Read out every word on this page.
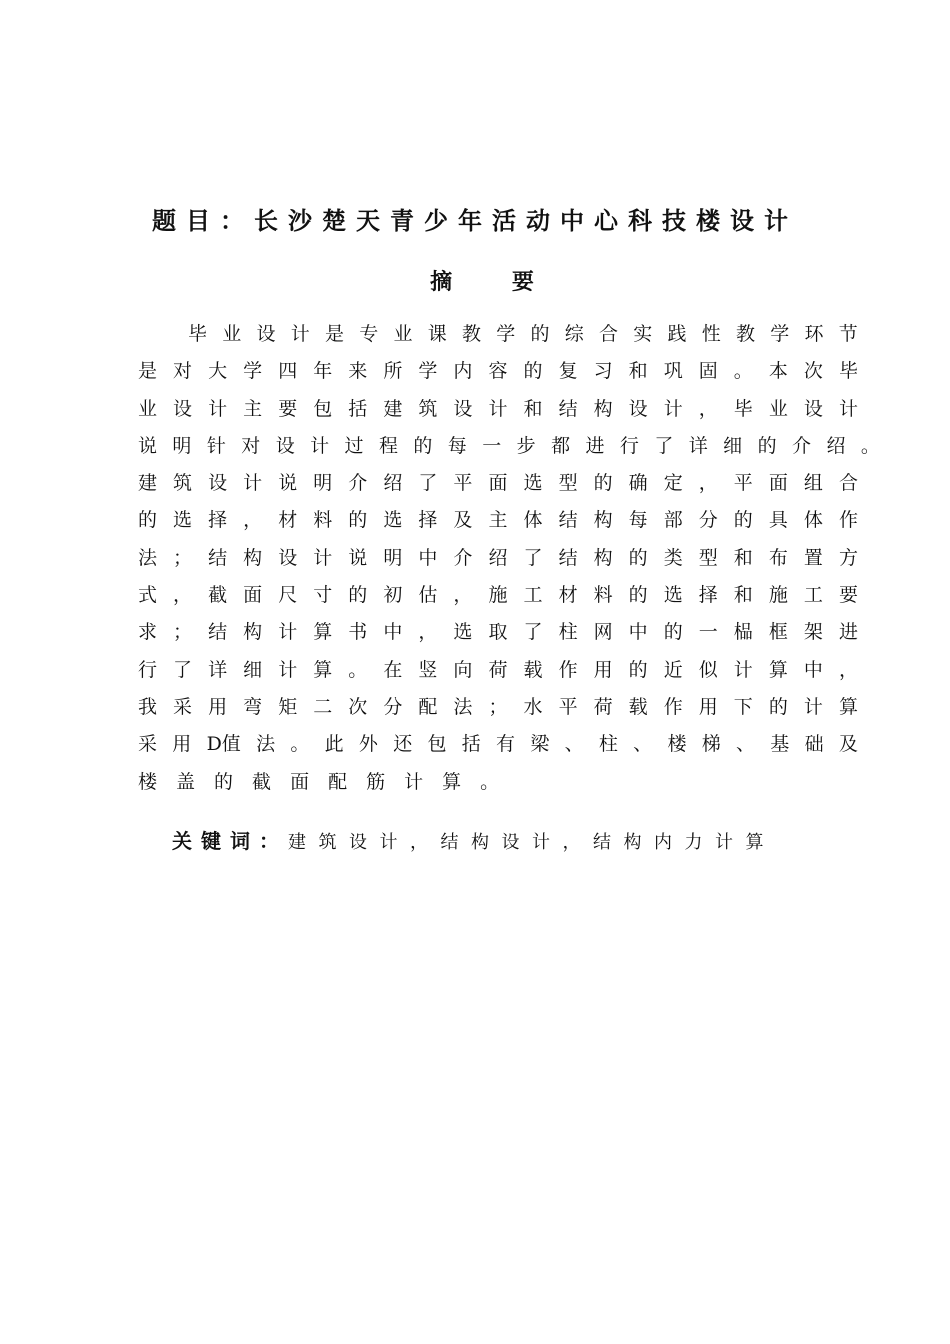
题目：长沙楚天青少年活动中心科技楼设计
摘 要
毕 业 设 计 是 专 业 课 教 学 的 综 合 实 践 性 教 学 环 节
是 对 大 学 四 年 来 所 学 内 容 的 复 习 和 巩 固 。 本 次 毕
业 设 计 主 要 包 括 建 筑 设 计 和 结 构 设 计 ， 毕 业 设 计
说 明 针 对 设 计 过 程 的 每 一 步 都 进 行 了 详 细 的 介 绍 。
建 筑 设 计 说 明 介 绍 了 平 面 选 型 的 确 定 ， 平 面 组 合
的 选 择 ， 材 料 的 选 择 及 主 体 结 构 每 部 分 的 具 体 作
法 ； 结 构 设 计 说 明 中 介 绍 了 结 构 的 类 型 和 布 置 方
式 ， 截 面 尺 寸 的 初 估 ， 施 工 材 料 的 选 择 和 施 工 要
求 ； 结 构 计 算 书 中 ， 选 取 了 柱 网 中 的 一 榀 框 架 进
行 了 详 细 计 算 。 在 竖 向 荷 载 作 用 的 近 似 计 算 中 ，
我 采 用 弯 矩 二 次 分 配 法 ； 水 平 荷 载 作 用 下 的 计 算
采 用 D值 法 。 此 外 还 包 括 有 梁 、 柱 、 楼 梯 、 基 础 及
楼 盖 的 截 面 配 筋 计 算 。
关键词：建筑设计，结构设计，结构内力计算
